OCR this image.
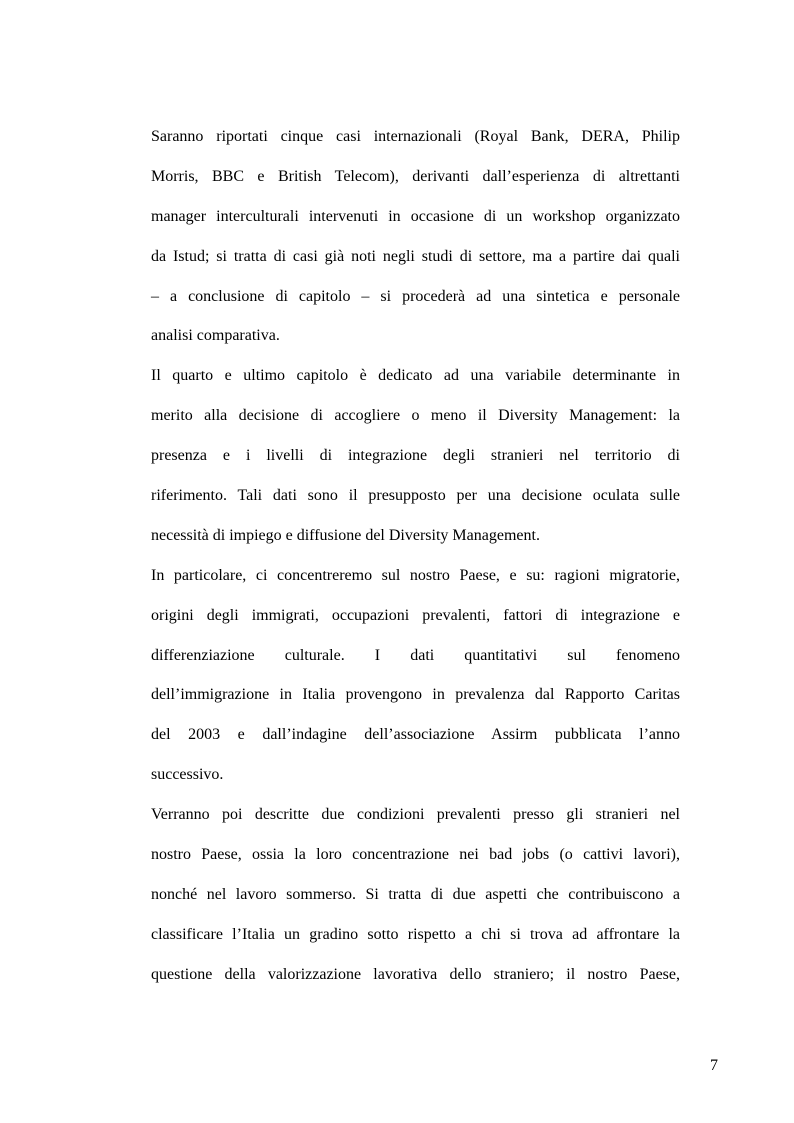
Saranno riportati cinque casi internazionali (Royal Bank, DERA, Philip
Morris, BBC e British Telecom), derivanti dall’esperienza di altrettanti
manager interculturali intervenuti in occasione di un workshop organizzato
da Istud; si tratta di casi già noti negli studi di settore, ma a partire dai quali
– a conclusione di capitolo – si procederà ad una sintetica e personale
analisi comparativa.

Il quarto e ultimo capitolo è dedicato ad una variabile determinante in
merito alla decisione di accogliere o meno il Diversity Management: la
presenza e i livelli di integrazione degli stranieri nel territorio di
riferimento. Tali dati sono il presupposto per una decisione oculata sulle
necessità di impiego e diffusione del Diversity Management.

In particolare, ci concentreremo sul nostro Paese, e su: ragioni migratorie,
origini degli immigrati, occupazioni prevalenti, fattori di integrazione e
differenziazione culturale. I dati quantitativi sul fenomeno
dell’immigrazione in Italia provengono in prevalenza dal Rapporto Caritas
del 2003 e dall’indagine dell’associazione Assirm pubblicata l’anno
successivo.

Verranno poi descritte due condizioni prevalenti presso gli stranieri nel
nostro Paese, ossia la loro concentrazione nei bad jobs (o cattivi lavori),
nonché nel lavoro sommerso. Si tratta di due aspetti che contribuiscono a
classificare l’Italia un gradino sotto rispetto a chi si trova ad affrontare la
questione della valorizzazione lavorativa dello straniero; il nostro Paese,

7
